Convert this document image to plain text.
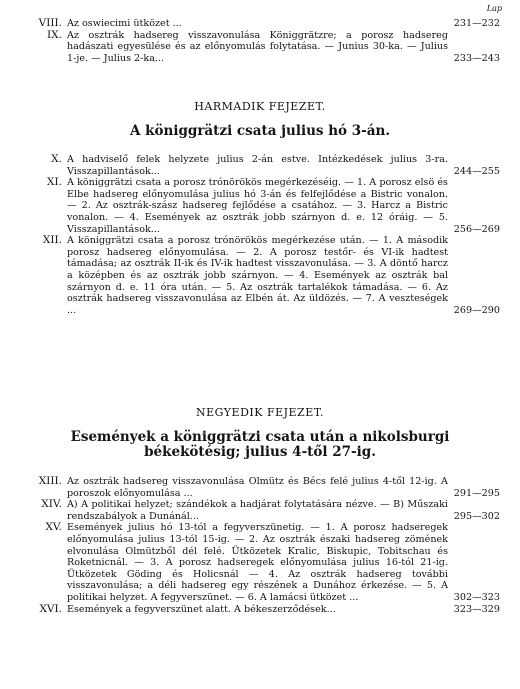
Lap
VIII. Az oswiecimi ütközet ...	231—232
IX. Az osztrák hadsereg visszavonulása Königgrätzre; a porosz hadsereg hadászati egyesülése és az előnyomulás folytatása. — Junius 30-ka. — Julius 1-je. — Julius 2-ka...	233—243
HARMADIK FEJEZET.
A königgrätzi csata julius hó 3-án.
X. A hadviselő felek helyzete julius 2-án estve. Intézkedések julius 3-ra. Visszapillantások...	244—255
XI. A königgrätzi csata a porosz trónörökös megérkezéséig. — 1. A porosz elsö és Elbe hadsereg előnyomulása julius hó 3-án és felfejlődése a Bistric vonalon. — 2. Az osztrák-szász hadsereg fejlődése a csatához. — 3. Harcz a Bistric vonalon. — 4. Események az osztrák jobb szárnyon d. e. 12 óráig. — 5. Visszapillantások...	256—269
XII. A königgrätzi csata a porosz trónörökös megérkezése után. — 1. A második porosz hadsereg előnyomulása. — 2. A porosz testőr- és VI-ik hadtest támadása; az osztrák II-ik és IV-ik hadtest visszavonulása. — 3. A döntő harcz a középben és az osztrák jobb szárnyon. — 4. Események az osztrák bal szárnyon d. e. 11 óra után. — 5. Az osztrák tartalékok támadása. — 6. Az osztrák hadsereg visszavonulása az Elbén át. Az üldözés. — 7. A veszteségek ...	269—290
NEGYEDIK FEJEZET.
Események a königgrätzi csata után a nikolsburgi békekötésig; julius 4-től 27-ig.
XIII. Az osztrák hadsereg visszavonulása Olmütz és Bécs felé julius 4-től 12-ig. A poroszok előnyomulása ...	291—295
XIV. A) A politikai helyzet; szándékok a hadjárat folytatására nézve. — B) Műszaki rendszabályok a Dunánál...	295—302
XV. Események julius hó 13-tól a fegyverszünetig. — 1. A porosz hadseregek előnyomulása julius 13-tól 15-ig. — 2. Az osztrák északi hadsereg zömének elvonulása Olmützből dél felé. Ütközetek Kralic, Biskupic, Tobitschau és Roketnicnál. — 3. A porosz hadseregek előnyomulása julius 16-tól 21-ig. Ütközetek Göding és Holicsnál — 4. Az osztrák hadsereg további visszavonulása; a déli hadsereg egy részének a Dunához érkezése. — 5. A politikai helyzet. A fegyverszünet. — 6. A lamácsi ütközet ...	302—323
XVI. Események a fegyverszünet alatt. A békeszerződések...	323—329
